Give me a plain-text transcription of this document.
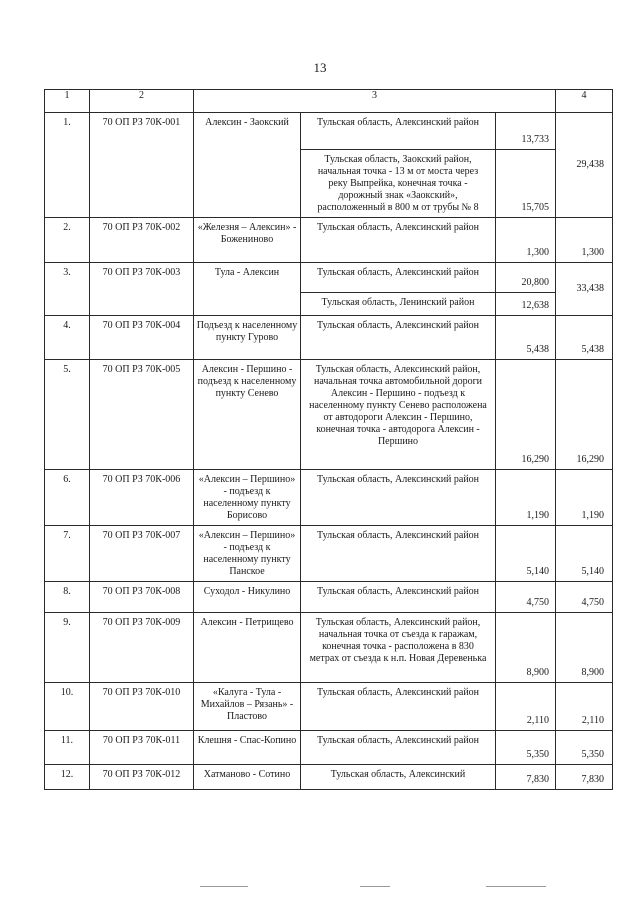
13
1	2	3			4
1.	70 ОП РЗ 70К-001	Алексин - Заокский	Тульская область, Алексинский район	13,733	29,438
			Тульская область, Заокский район, начальная точка - 13 м от моста через реку Выпрейка, конечная точка - дорожный знак «Заокский», расположенный в 800 м от трубы № 8	15,705	
2.	70 ОП РЗ 70К-002	«Железня – Алексин» - Божениново	Тульская область, Алексинский район	1,300	1,300
3.	70 ОП РЗ 70К-003	Тула - Алексин	Тульская область, Алексинский район	20,800	33,438
			Тульская область, Ленинский район	12,638	
4.	70 ОП РЗ 70К-004	Подъезд к населенному пункту Гурово	Тульская область, Алексинский район	5,438	5,438
5.	70 ОП РЗ 70К-005	Алексин - Першино - подъезд к населенному пункту Сенево	Тульская область, Алексинский район, начальная точка автомобильной дороги Алексин - Першино - подъезд к населенному пункту Сенево расположена от автодороги Алексин - Першино, конечная точка - автодорога Алексин - Першино	16,290	16,290
6.	70 ОП РЗ 70К-006	«Алексин – Першино» - подъезд к населенному пункту Борисово	Тульская область, Алексинский район	1,190	1,190
7.	70 ОП РЗ 70К-007	«Алексин – Першино» - подъезд к населенному пункту Панское	Тульская область, Алексинский район	5,140	5,140
8.	70 ОП РЗ 70К-008	Суходол - Никулино	Тульская область, Алексинский район	4,750	4,750
9.	70 ОП РЗ 70К-009	Алексин - Петрищево	Тульская область, Алексинский район, начальная точка от съезда к гаражам, конечная точка - расположена в 830 метрах от съезда к н.п. Новая Деревенька	8,900	8,900
10.	70 ОП РЗ 70К-010	«Калуга - Тула - Михайлов – Рязань» - Пластово	Тульская область, Алексинский район	2,110	2,110
11.	70 ОП РЗ 70К-011	Клешня - Спас-Копино	Тульская область, Алексинский район	5,350	5,350
12.	70 ОП РЗ 70К-012	Хатманово - Сотино	Тульская область, Алексинский	7,830	7,830
